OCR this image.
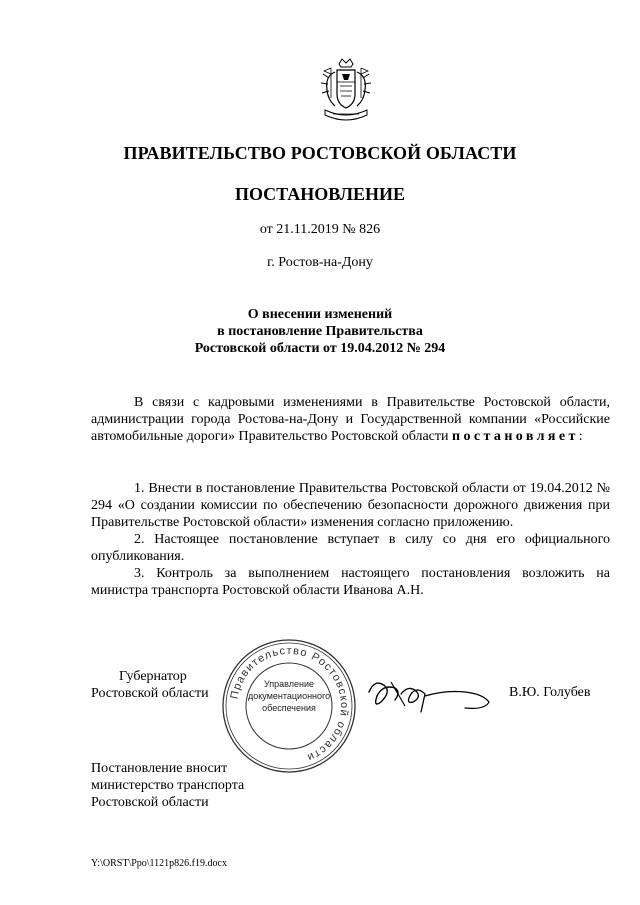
ПРАВИТЕЛЬСТВО РОСТОВСКОЙ ОБЛАСТИ
ПОСТАНОВЛЕНИЕ
от 21.11.2019 № 826
г. Ростов-на-Дону
О внесении изменений
в постановление Правительства
Ростовской области от 19.04.2012 № 294

В связи с кадровыми изменениями в Правительстве Ростовской области, администрации города Ростова-на-Дону и Государственной компании «Российские автомобильные дороги» Правительство Ростовской области постановляет:

1. Внести в постановление Правительства Ростовской области от 19.04.2012 № 294 «О создании комиссии по обеспечению безопасности дорожного движения при Правительстве Ростовской области» изменения согласно приложению.

2. Настоящее постановление вступает в силу со дня его официального опубликования.

3. Контроль за выполнением настоящего постановления возложить на министра транспорта Ростовской области Иванова А.Н.

Губернатор
Ростовской области	Правительство Ростовской области
Управление
документационного
обеспечения
В.Ю. Голубев
Постановление вносит
министерство транспорта
Ростовской области
Y:\ORST\Ppo\1121p826.f19.docx
